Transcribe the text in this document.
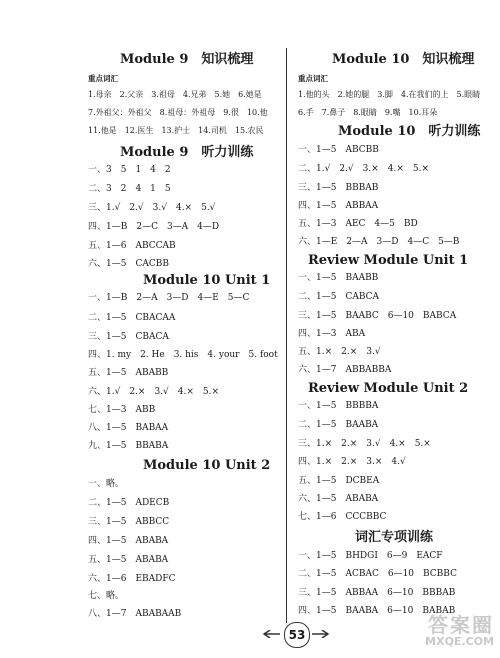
Module 9　知识梳理
重点词汇
1.母亲　2.父亲　3.祖母　4.兄弟　5.她　6.她是
7.外祖父：外祖父　8.祖母：外祖母　9.很　10.他
11.他是　12.医生　13.护士　14.司机　15.农民
Module 9　听力训练
一、3　5　1　4　2
二、3　2　4　1　5
三、1.√　2.√　3.√　4.×　5.√
四、1—B　2—C　3—A　4—D
五、1—6　ABCCAB
六、1—5　CACBB
Module 10 Unit 1
一、1—B　2—A　3—D　4—E　5—C
二、1—5　CBACAA
三、1—5　CBACA
四、1. my　2. He　3. his　4. your　5. foot
五、1—5　ABABB
六、1.√　2.×　3.√　4.×　5.×
七、1—3　ABB
八、1—5　BABAA
九、1—5　BBABA
Module 10 Unit 2
一、略。
二、1—5　ADECB
三、1—5　ABBCC
四、1—5　ABABA
五、1—5　ABABA
六、1—6　EBADFC
七、略。
八、1—7　ABABAAB
Module 10　知识梳理
重点词汇
1.他的头　2.她的腿　3.脚　4.在我们的上　5.眼睛
6.手　7.鼻子　8.眼睛　9.嘴　10.耳朵
Module 10　听力训练
一、1—5　ABCBB
二、1.√　2.√　3.×　4.×　5.×
三、1—5　BBBAB
四、1—5　ABBAA
五、1—3　AEC　4—5　BD
六、1—E　2—A　3—D　4—C　5—B
Review Module Unit 1
一、1—5　BAABB
二、1—5　CABCA
三、1—5　BAABC　6—10　BABCA
四、1—3　ABA
五、1.×　2.×　3.√
六、1—7　ABBABBA
Review Module Unit 2
一、1—5　BBBBA
二、1—5　BAABA
三、1.×　2.×　3.√　4.×　5.×
四、1.×　2.×　3.×　4.√
五、1—5　DCBEA
六、1—5　ABABA
七、1—6　CCCBBC
词汇专项训练
一、1—5　BHDGI　6—9　EACF
二、1—5　ACBAC　6—10　BCBBC
三、1—5　ABBAA　6—10　BBBAB
四、1—5　BAABA　6—10　BABAB
53	答案圈
MXQE.COM
